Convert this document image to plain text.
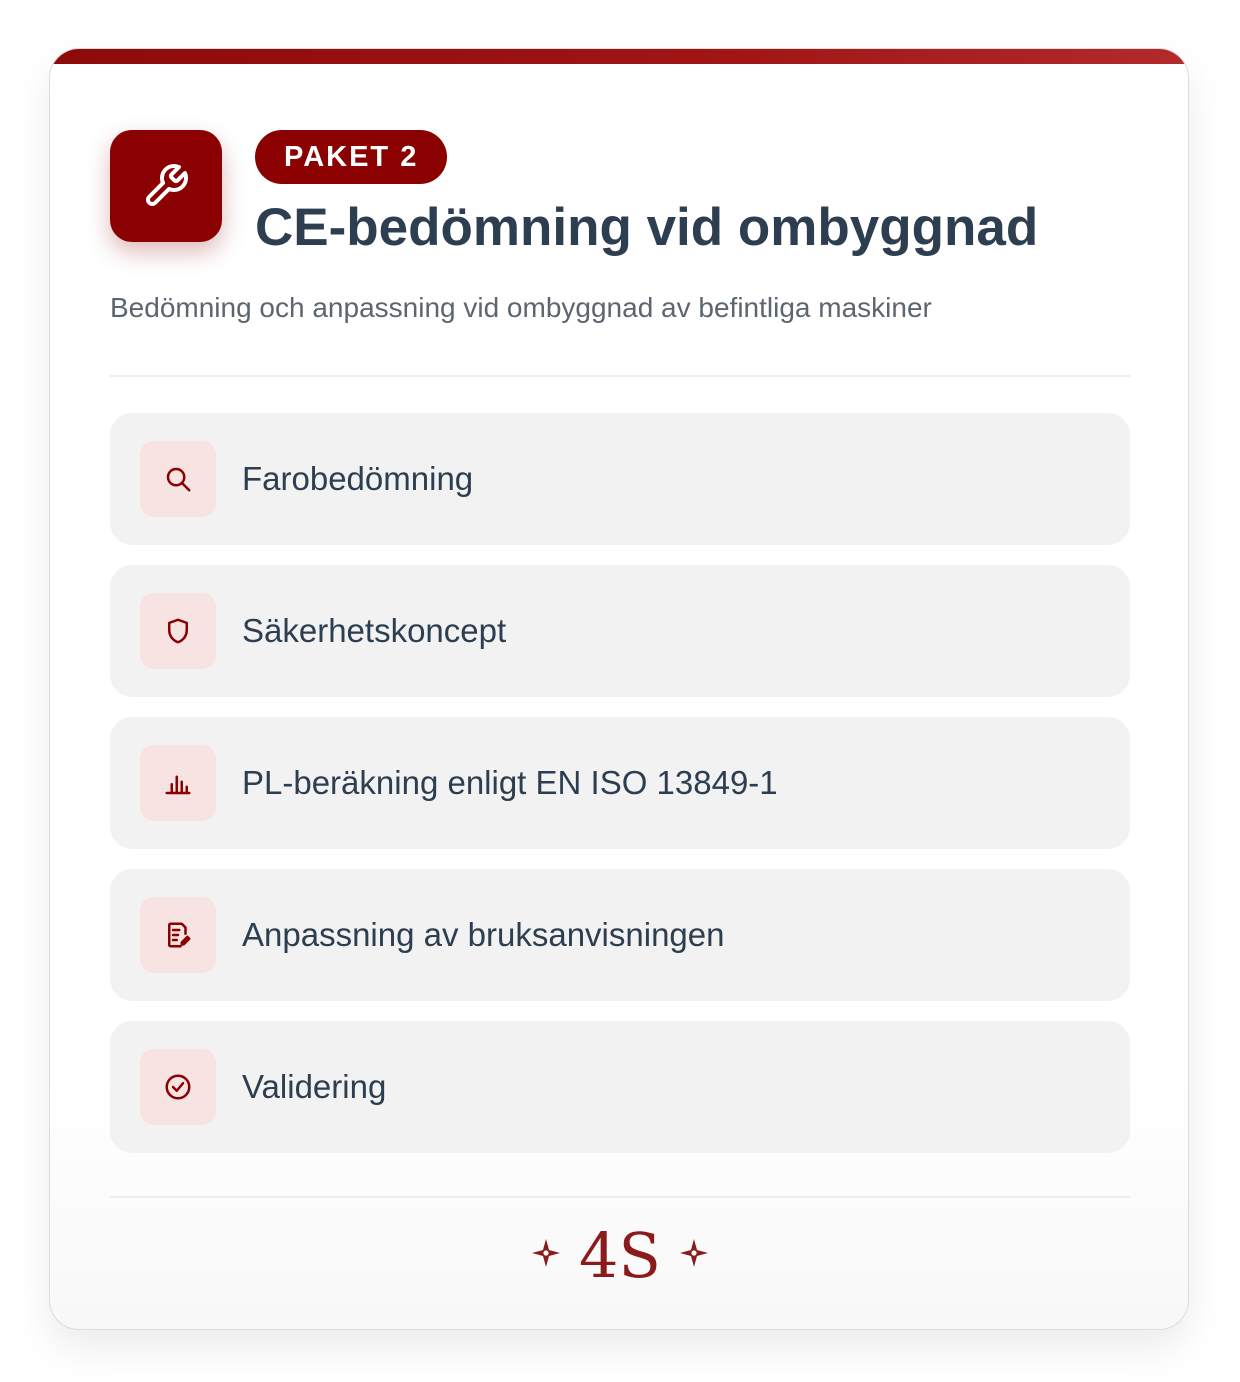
PAKET 2
CE-bedömning vid ombyggnad

Bedömning och anpassning vid ombyggnad av befintliga maskiner

Farobedömning
Säkerhetskoncept
PL-beräkning enligt EN ISO 13849-1
Anpassning av bruksanvisningen
Validering
4S
